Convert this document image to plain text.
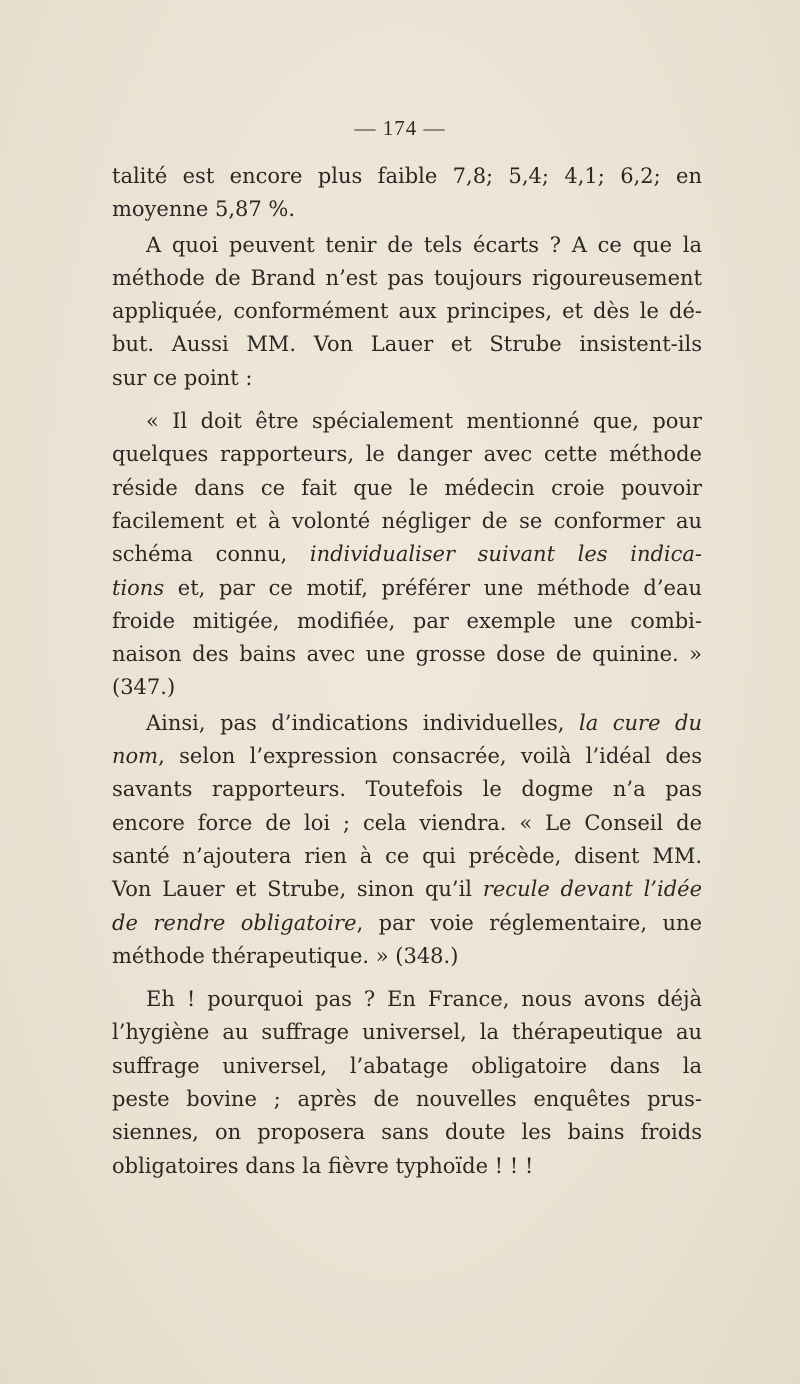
— 174 —
talité est encore plus faible 7,8; 5,4; 4,1; 6,2; en
moyenne 5,87 %.
A quoi peuvent tenir de tels écarts ? A ce que la
méthode de Brand n’est pas toujours rigoureusement
appliquée, conformément aux principes, et dès le dé-
but. Aussi MM. Von Lauer et Strube insistent-ils
sur ce point :
« Il doit être spécialement mentionné que, pour
quelques rapporteurs, le danger avec cette méthode
réside dans ce fait que le médecin croie pouvoir
facilement et à volonté négliger de se conformer au
schéma connu, individualiser suivant les indica-
tions et, par ce motif, préférer une méthode d’eau
froide mitigée, modifiée, par exemple une combi-
naison des bains avec une grosse dose de quinine. »
(347.)
Ainsi, pas d’indications individuelles, la cure du
nom, selon l’expression consacrée, voilà l’idéal des
savants rapporteurs. Toutefois le dogme n’a pas
encore force de loi ; cela viendra. « Le Conseil de
santé n’ajoutera rien à ce qui précède, disent MM.
Von Lauer et Strube, sinon qu’il recule devant l’idée
de rendre obligatoire, par voie réglementaire, une
méthode thérapeutique. » (348.)
Eh ! pourquoi pas ? En France, nous avons déjà
l’hygiène au suffrage universel, la thérapeutique au
suffrage universel, l’abatage obligatoire dans la
peste bovine ; après de nouvelles enquêtes prus-
siennes, on proposera sans doute les bains froids
obligatoires dans la fièvre typhoïde ! ! !
